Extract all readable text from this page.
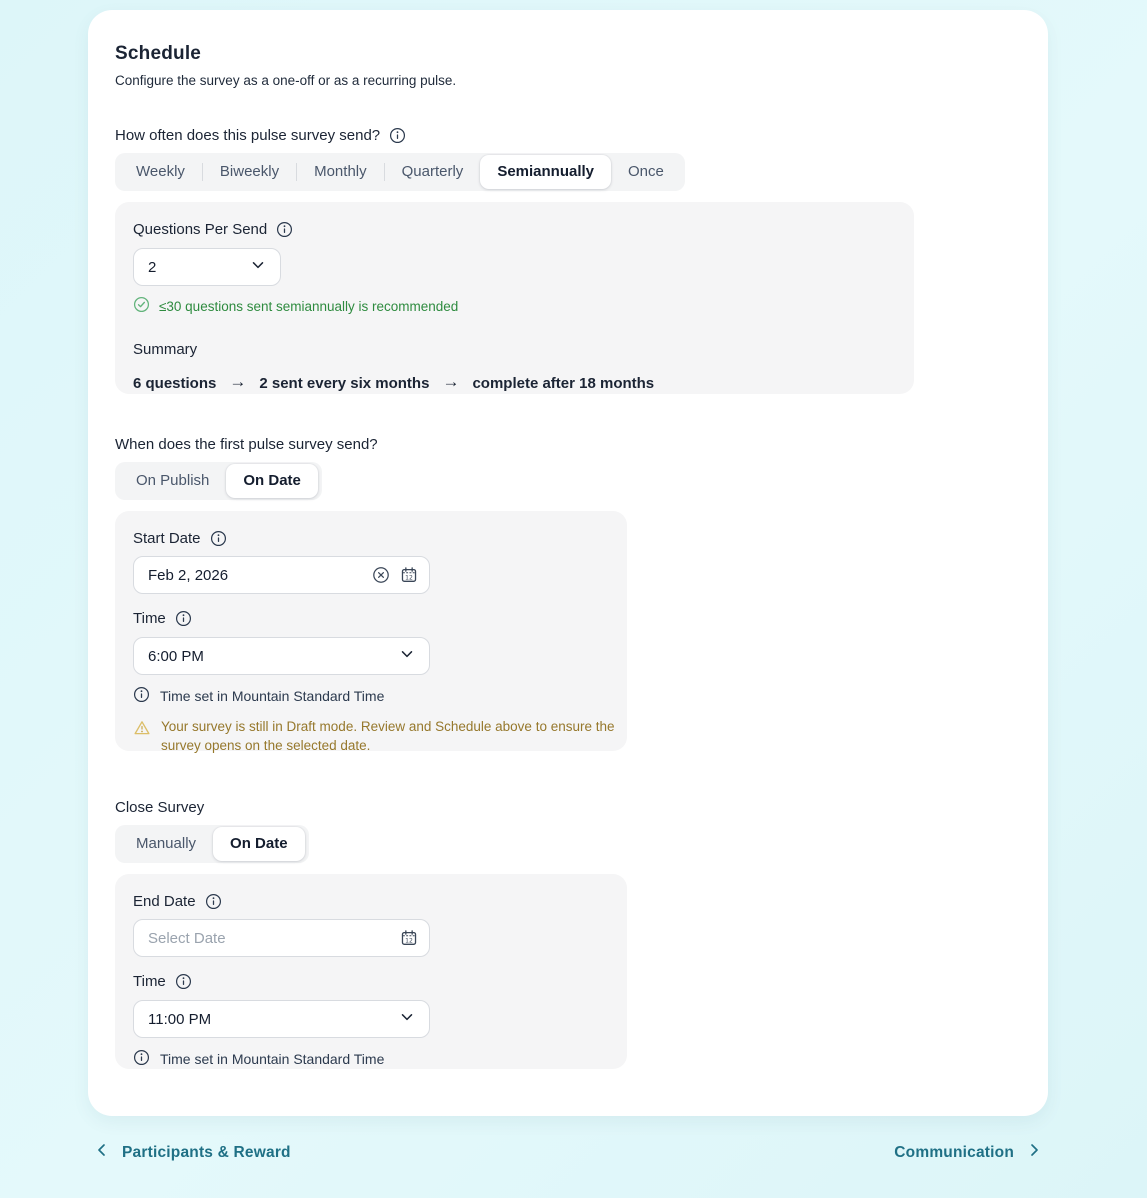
Schedule

Configure the survey as a one-off or as a recurring pulse.

How often does this pulse survey send?
Weekly	Biweekly	Monthly	Quarterly	Semiannually	Once
Questions Per Send
2
≤30 questions sent semiannually is recommended
Summary
6 questions → 2 sent every six months → complete after 18 months
When does the first pulse survey send?
On Publish	On Date
Start Date
Feb 2, 2026
12
Time
6:00 PM
Time set in Mountain Standard Time
Your survey is still in Draft mode. Review and Schedule above to ensure the survey opens on the selected date.
Close Survey
Manually	On Date
End Date
Select Date
12
Time
11:00 PM
Time set in Mountain Standard Time
Participants & Reward	Communication
